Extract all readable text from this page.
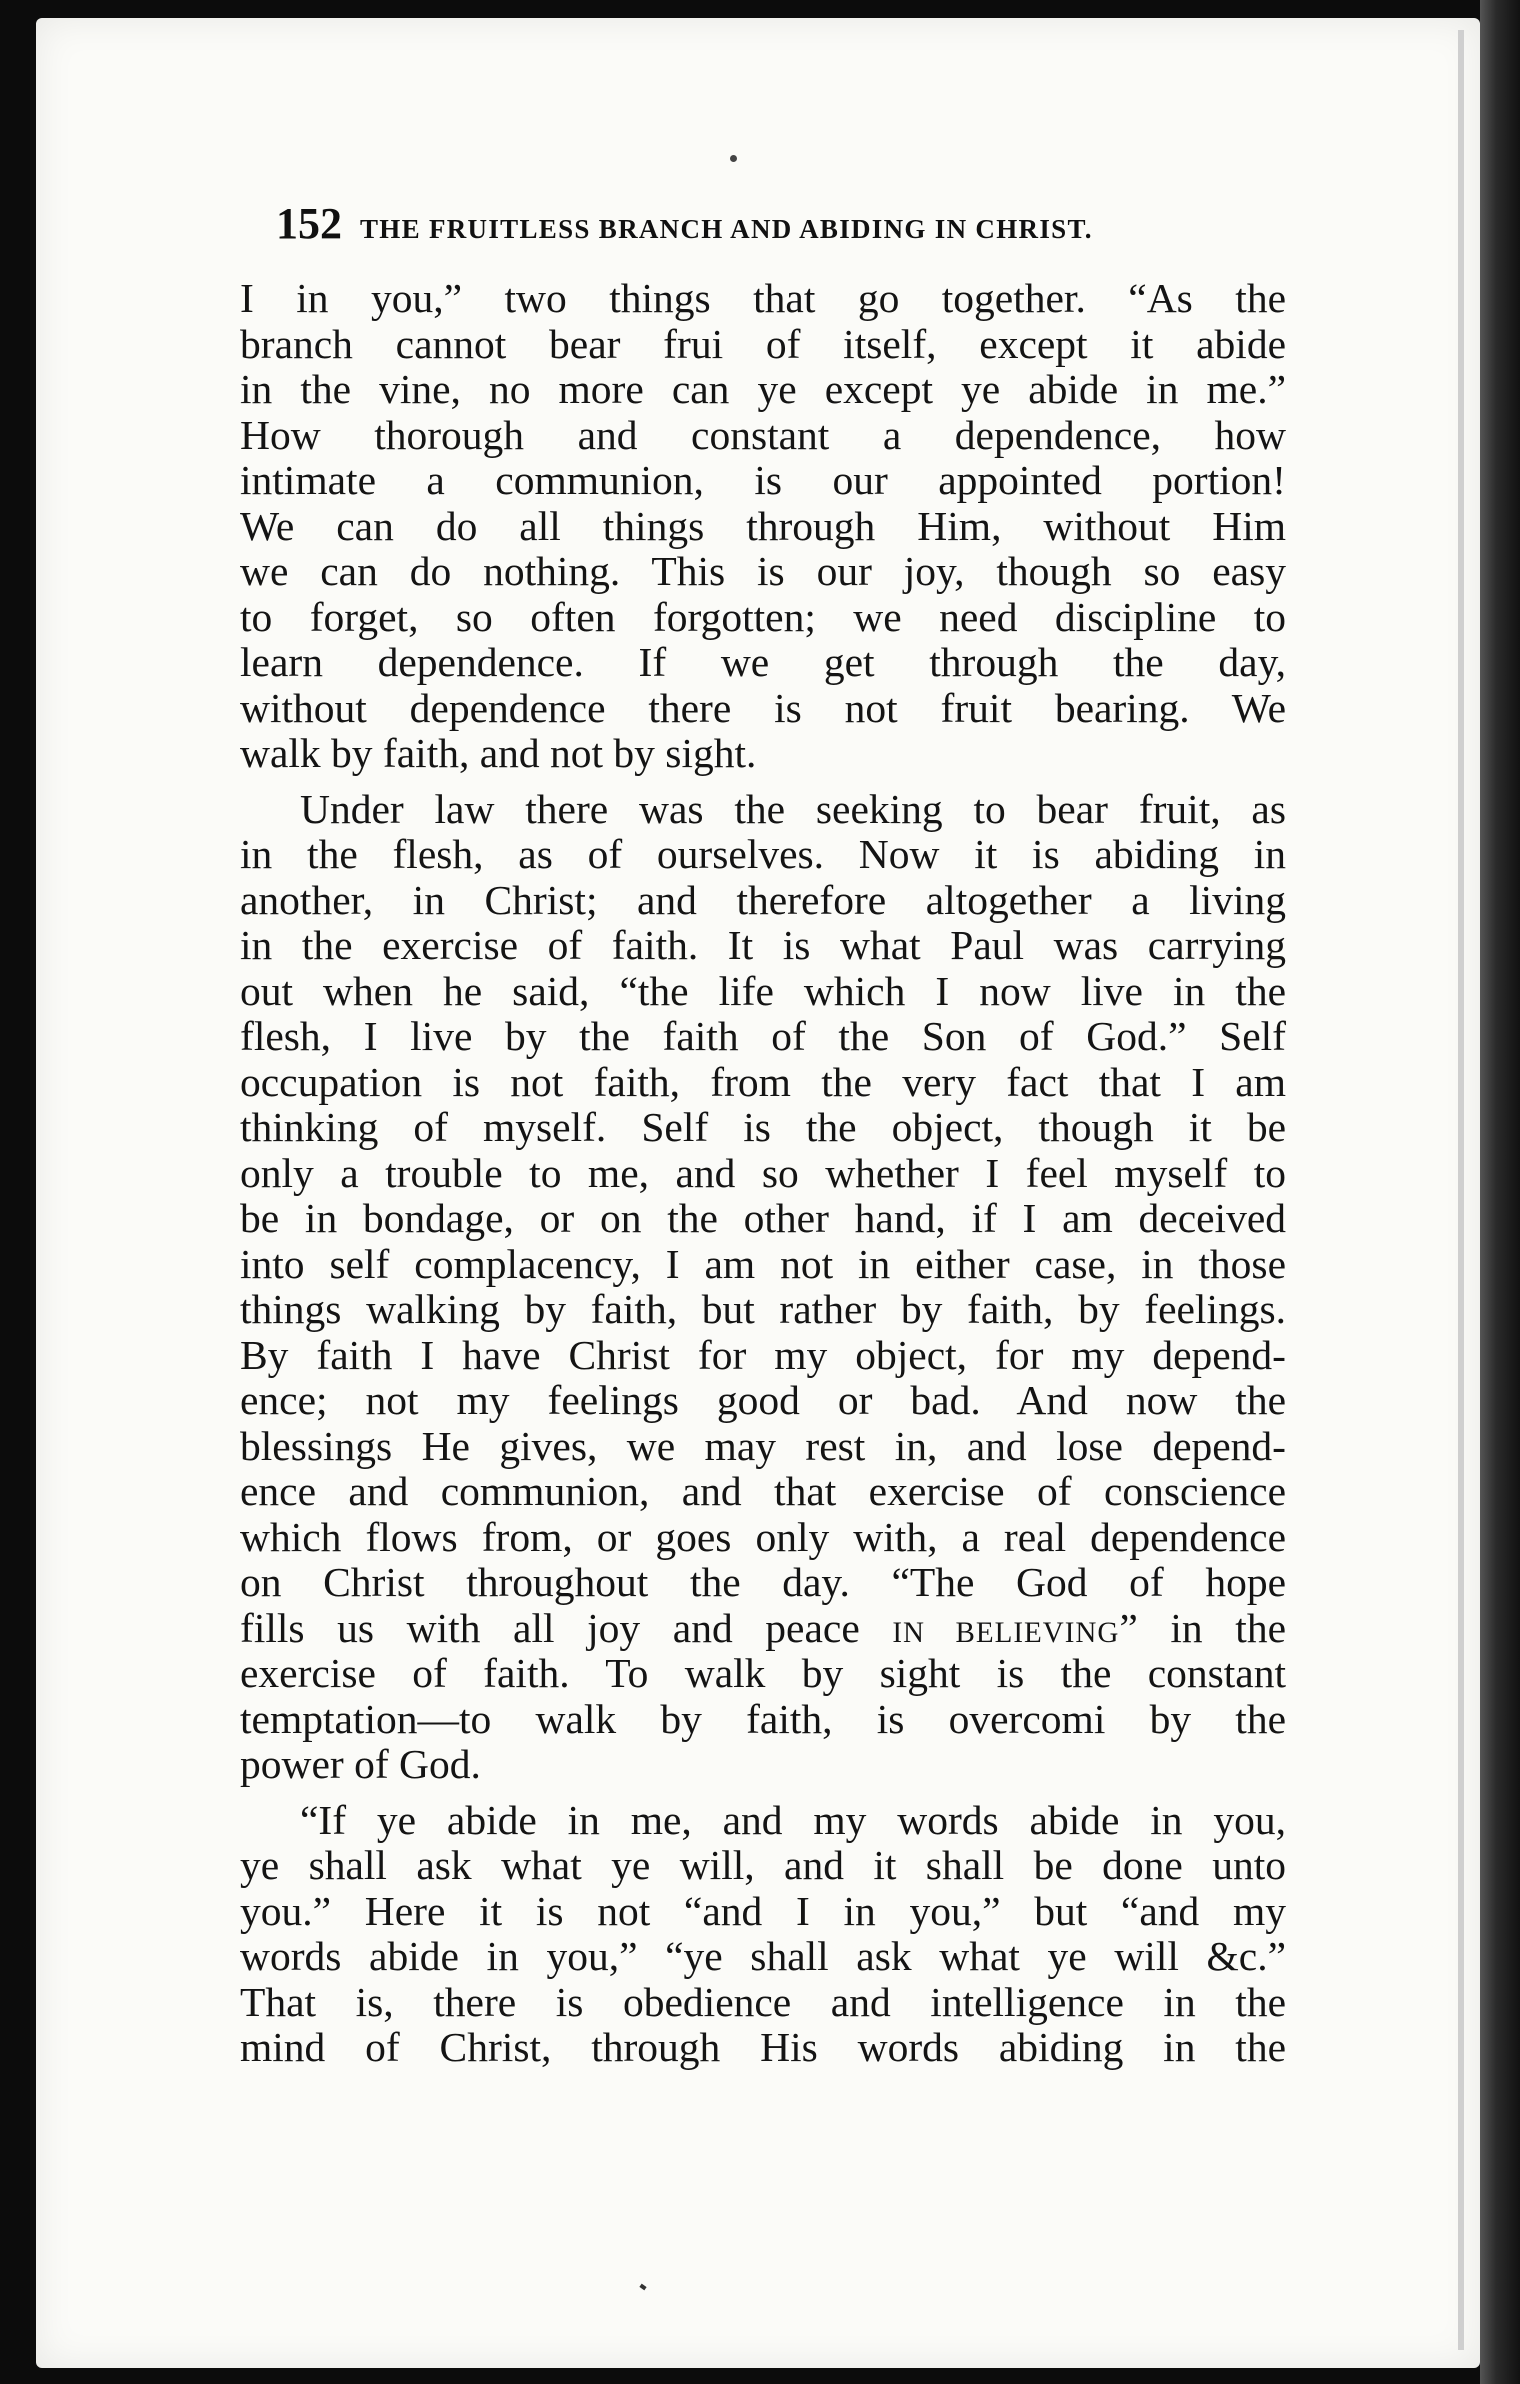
152 THE FRUITLESS BRANCH AND ABIDING IN CHRIST.
I in you,” two things that go together. “As the
branch cannot bear frui of itself, except it abide
in the vine, no more can ye except ye abide in me.”
How thorough and constant a dependence, how
intimate a communion, is our appointed portion!
We can do all things through Him, without Him
we can do nothing. This is our joy, though so easy
to forget, so often forgotten; we need discipline to
learn dependence. If we get through the day,
without dependence there is not fruit bearing. We
walk by faith, and not by sight.
Under law there was the seeking to bear fruit, as
in the flesh, as of ourselves. Now it is abiding in
another, in Christ; and therefore altogether a living
in the exercise of faith. It is what Paul was carrying
out when he said, “the life which I now live in the
flesh, I live by the faith of the Son of God.” Self
occupation is not faith, from the very fact that I am
thinking of myself. Self is the object, though it be
only a trouble to me, and so whether I feel myself to
be in bondage, or on the other hand, if I am deceived
into self complacency, I am not in either case, in those
things walking by faith, but rather by faith, by feelings.
By faith I have Christ for my object, for my depend-
ence; not my feelings good or bad. And now the
blessings He gives, we may rest in, and lose depend-
ence and communion, and that exercise of conscience
which flows from, or goes only with, a real dependence
on Christ throughout the day. “The God of hope
fills us with all joy and peace IN BELIEVING” in the
exercise of faith. To walk by sight is the constant
temptation—to walk by faith, is overcomi by the
power of God.
“If ye abide in me, and my words abide in you,
ye shall ask what ye will, and it shall be done unto
you.” Here it is not “and I in you,” but “and my
words abide in you,” “ye shall ask what ye will &c.”
That is, there is obedience and intelligence in the
mind of Christ, through His words abiding in the
